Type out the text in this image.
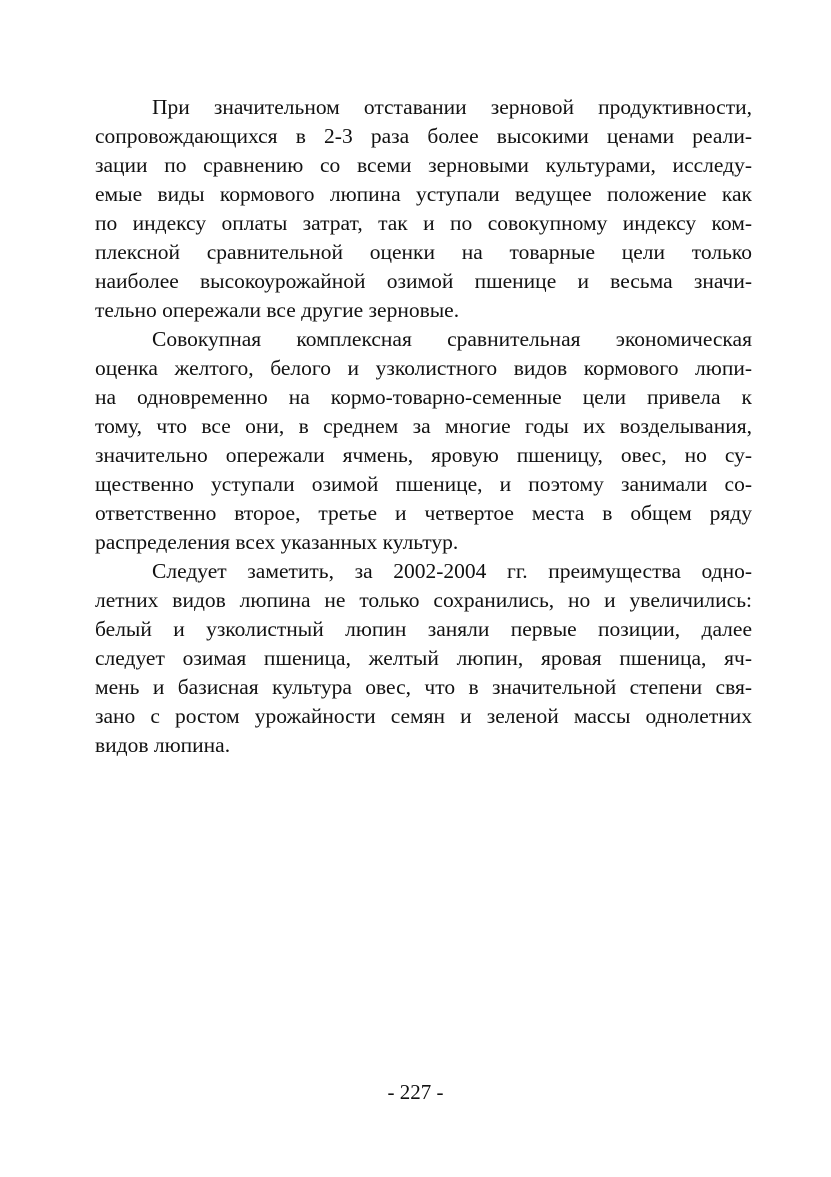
При значительном отставании зерновой продуктивности,
сопровождающихся в 2-3 раза более высокими ценами реали-
зации по сравнению со всеми зерновыми культурами, исследу-
емые виды кормового люпина уступали ведущее положение как
по индексу оплаты затрат, так и по совокупному индексу ком-
плексной сравнительной оценки на товарные цели только
наиболее высокоурожайной озимой пшенице и весьма значи-
тельно опережали все другие зерновые.
Совокупная комплексная сравнительная экономическая
оценка желтого, белого и узколистного видов кормового люпи-
на одновременно на кормо-товарно-семенные цели привела к
тому, что все они, в среднем за многие годы их возделывания,
значительно опережали ячмень, яровую пшеницу, овес, но су-
щественно уступали озимой пшенице, и поэтому занимали со-
ответственно второе, третье и четвертое места в общем ряду
распределения всех указанных культур.
Следует заметить, за 2002-2004 гг. преимущества одно-
летних видов люпина не только сохранились, но и увеличились:
белый и узколистный люпин заняли первые позиции, далее
следует озимая пшеница, желтый люпин, яровая пшеница, яч-
мень и базисная культура овес, что в значительной степени свя-
зано с ростом урожайности семян и зеленой массы однолетних
видов люпина.
- 227 -
